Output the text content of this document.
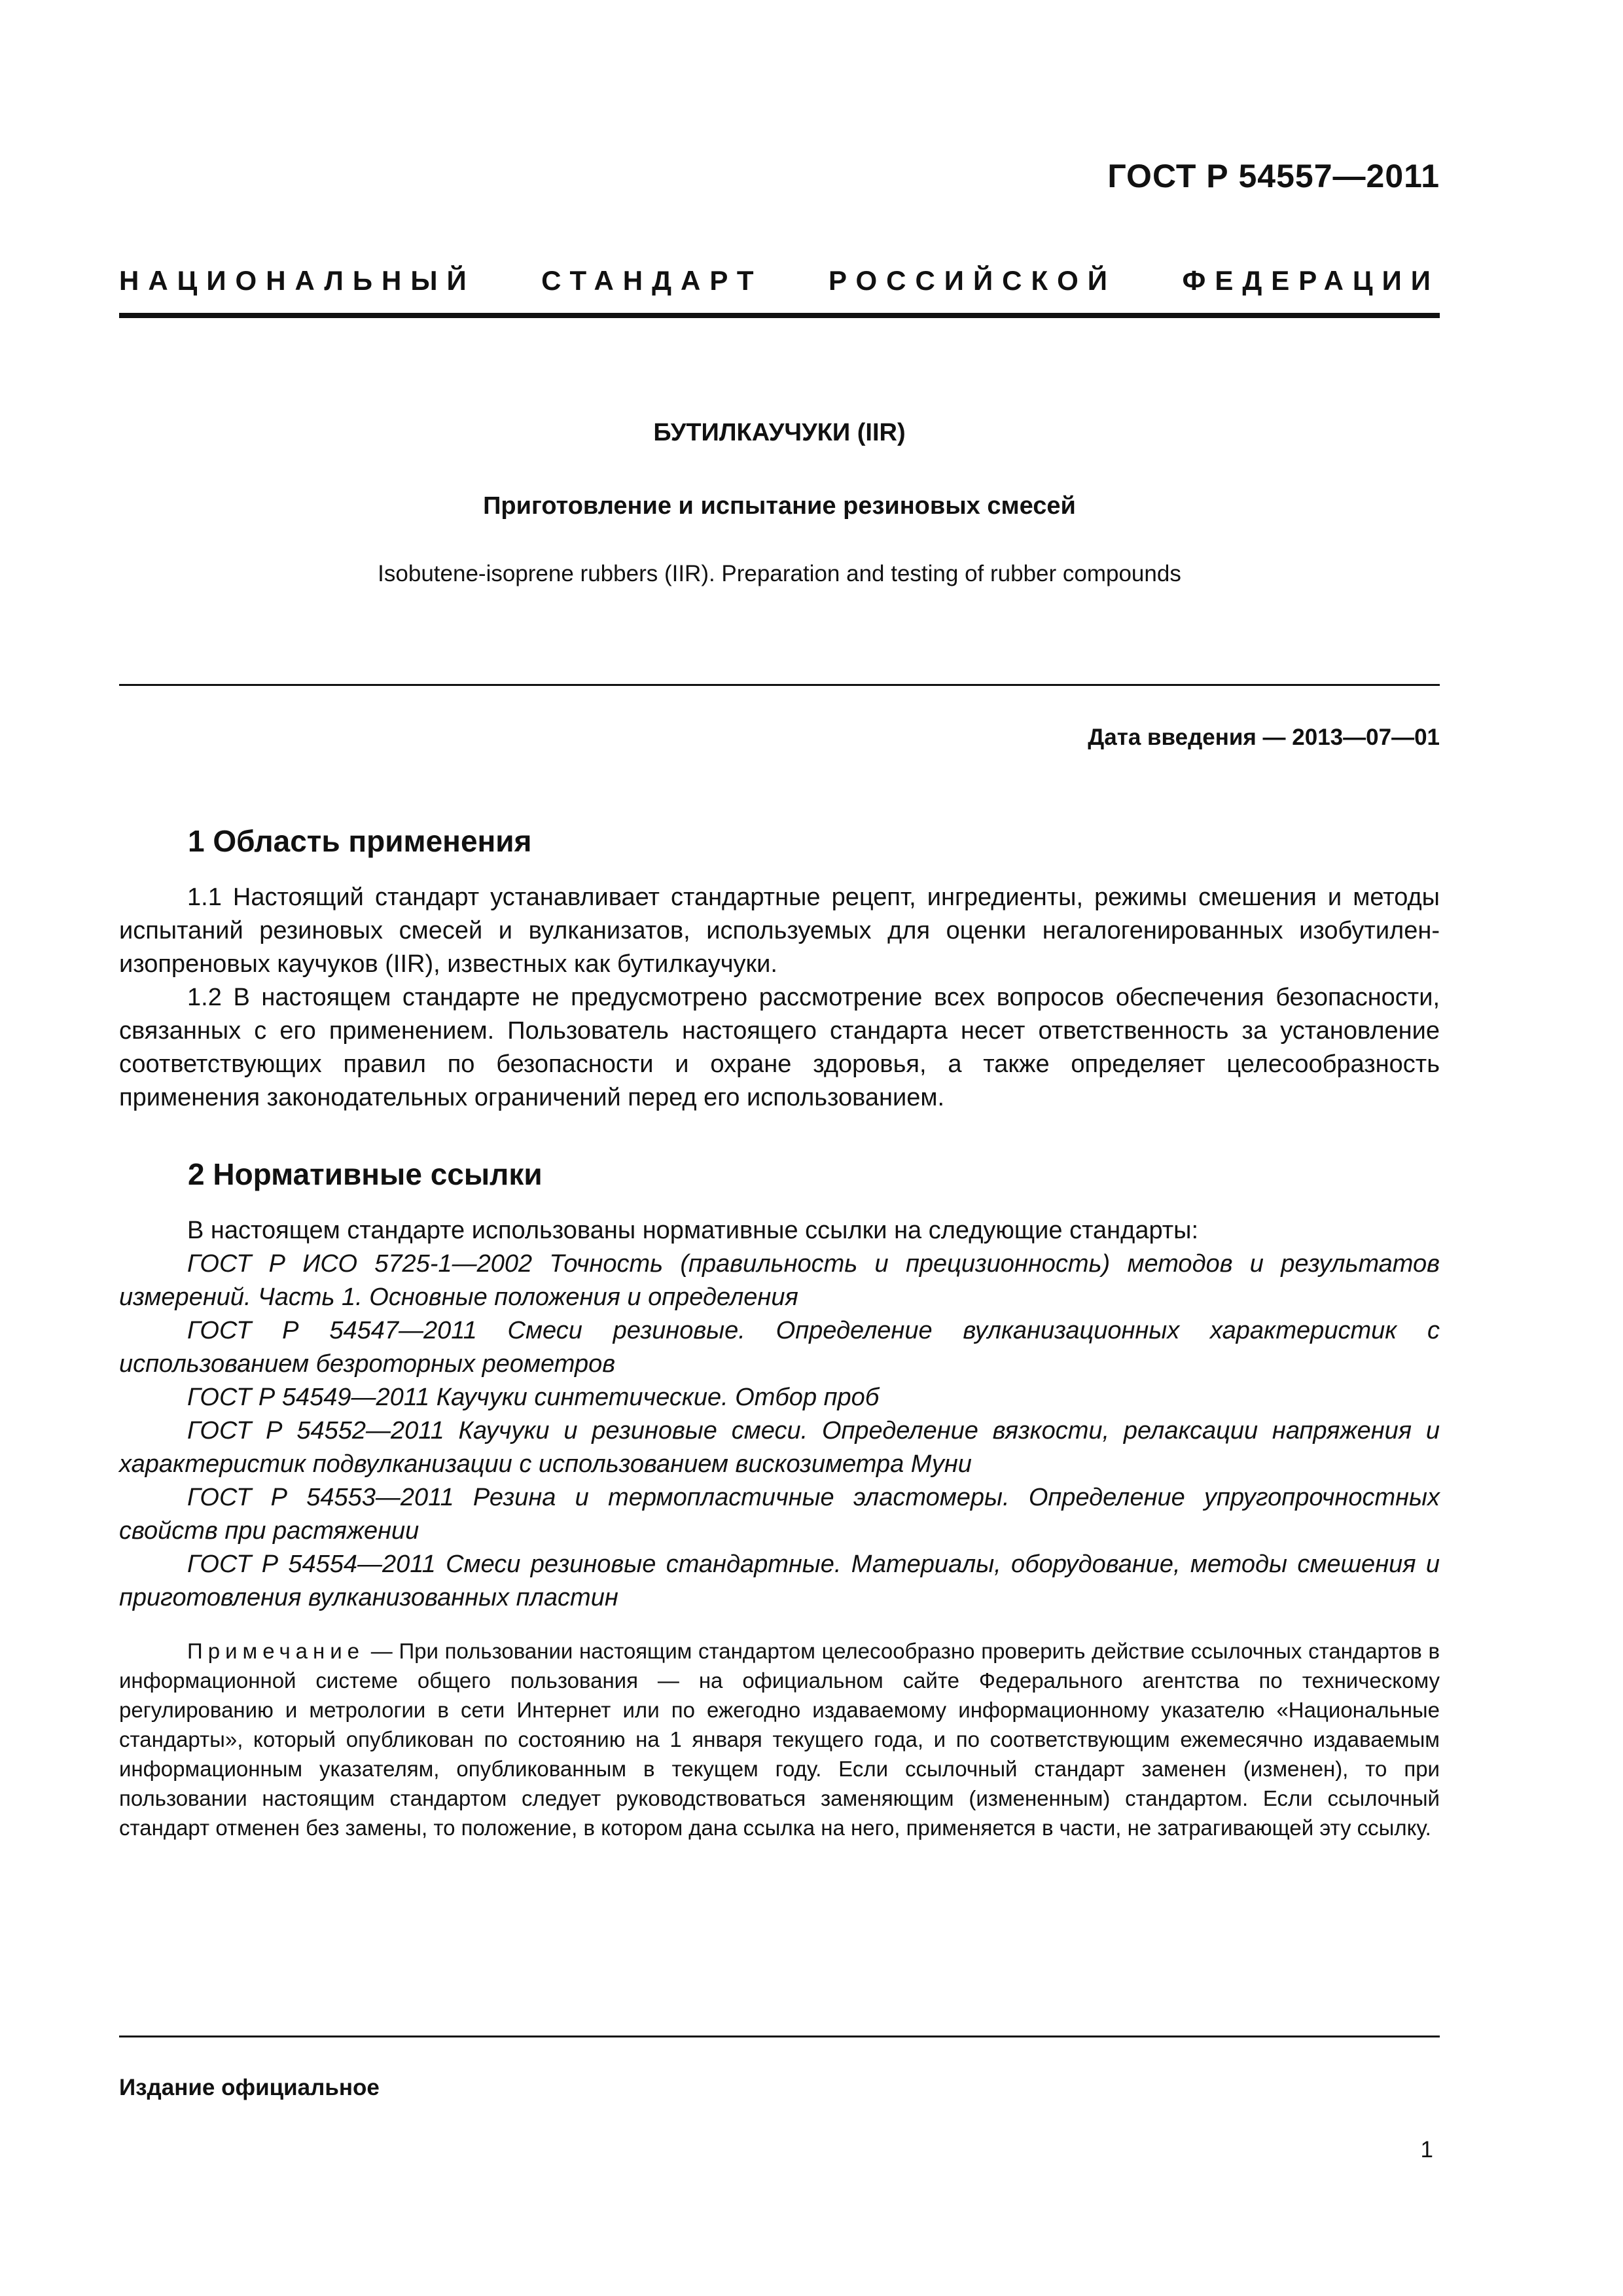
ГОСТ Р 54557—2011
НАЦИОНАЛЬНЫЙ СТАНДАРТ РОССИЙСКОЙ ФЕДЕРАЦИИ
БУТИЛКАУЧУКИ (IIR)
Приготовление и испытание резиновых смесей
Isobutene-isoprene rubbers (IIR). Preparation and testing of rubber compounds
Дата введения — 2013—07—01
1 Область применения

1.1 Настоящий стандарт устанавливает стандартные рецепт, ингредиенты, режимы смешения и методы испытаний резиновых смесей и вулканизатов, используемых для оценки негалогенированных изобутилен-изопреновых каучуков (IIR), известных как бутилкаучуки.

1.2 В настоящем стандарте не предусмотрено рассмотрение всех вопросов обеспечения безопасности, связанных с его применением. Пользователь настоящего стандарта несет ответственность за установление соответствующих правил по безопасности и охране здоровья, а также определяет целесообразность применения законодательных ограничений перед его использованием.

2 Нормативные ссылки

В настоящем стандарте использованы нормативные ссылки на следующие стандарты:

ГОСТ Р ИСО 5725-1—2002 Точность (правильность и прецизионность) методов и результатов измерений. Часть 1. Основные положения и определения

ГОСТ Р 54547—2011 Смеси резиновые. Определение вулканизационных характеристик с использованием безроторных реометров

ГОСТ Р 54549—2011 Каучуки синтетические. Отбор проб

ГОСТ Р 54552—2011 Каучуки и резиновые смеси. Определение вязкости, релаксации напряжения и характеристик подвулканизации с использованием вискозиметра Муни

ГОСТ Р 54553—2011 Резина и термопластичные эластомеры. Определение упругопрочностных свойств при растяжении

ГОСТ Р 54554—2011 Смеси резиновые стандартные. Материалы, оборудование, методы смешения и приготовления вулканизованных пластин

Примечание — При пользовании настоящим стандартом целесообразно проверить действие ссылочных стандартов в информационной системе общего пользования — на официальном сайте Федерального агентства по техническому регулированию и метрологии в сети Интернет или по ежегодно издаваемому информационному указателю «Национальные стандарты», который опубликован по состоянию на 1 января текущего года, и по соответствующим ежемесячно издаваемым информационным указателям, опубликованным в текущем году. Если ссылочный стандарт заменен (изменен), то при пользовании настоящим стандартом следует руководствоваться заменяющим (измененным) стандартом. Если ссылочный стандарт отменен без замены, то положение, в котором дана ссылка на него, применяется в части, не затрагивающей эту ссылку.

Издание официальное
1
